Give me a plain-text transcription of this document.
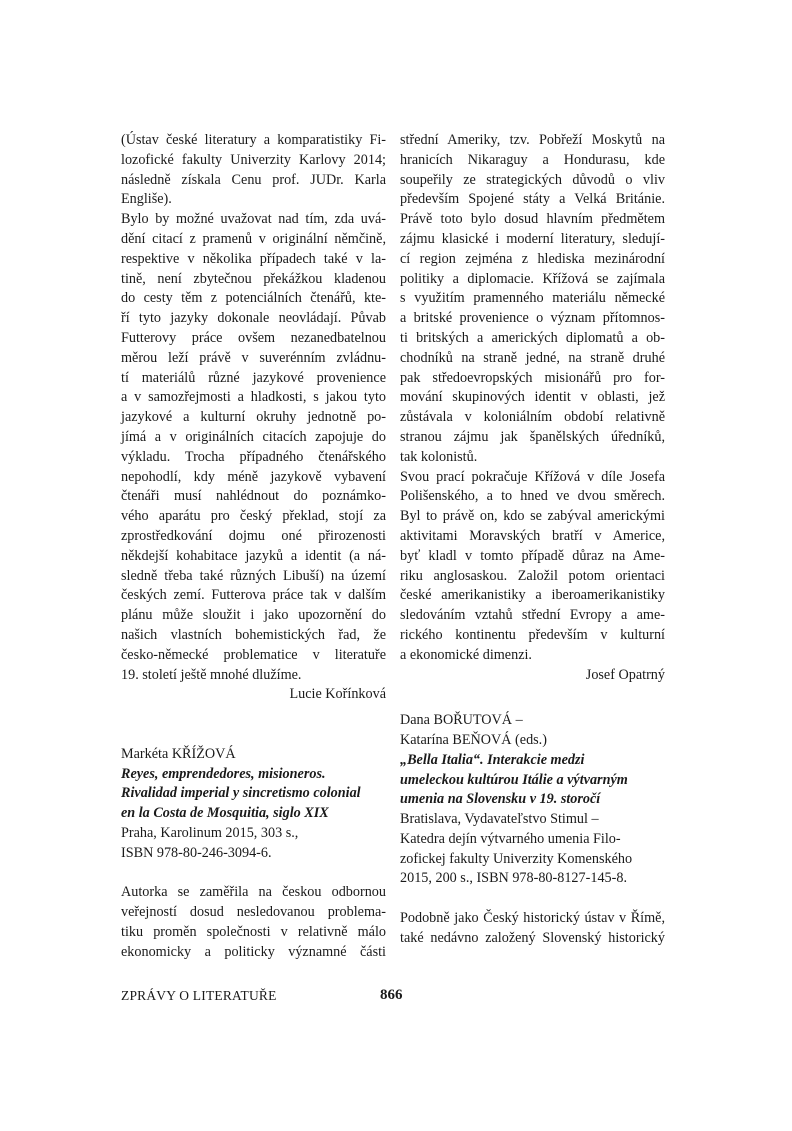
(Ústav české literatury a komparatistiky Fi-
lozofické fakulty Univerzity Karlovy 2014;
následně získala Cenu prof. JUDr. Karla
Engliše).
Bylo by možné uvažovat nad tím, zda uvá-
dění citací z pramenů v originální němčině,
respektive v několika případech také v la-
tině, není zbytečnou překážkou kladenou
do cesty těm z potenciálních čtenářů, kte-
ří tyto jazyky dokonale neovládají. Půvab
Futterovy práce ovšem nezanedbatelnou
měrou leží právě v suverénním zvládnu-
tí materiálů různé jazykové provenience
a v samozřejmosti a hladkosti, s jakou tyto
jazykové a kulturní okruhy jednotně po-
jímá a v originálních citacích zapojuje do
výkladu. Trocha případného čtenářského
nepohodlí, kdy méně jazykově vybavení
čtenáři musí nahlédnout do poznámko-
vého aparátu pro český překlad, stojí za
zprostředkování dojmu oné přirozenosti
někdejší kohabitace jazyků a identit (a ná-
sledně třeba také různých Libuší) na území
českých zemí. Futterova práce tak v dalším
plánu může sloužit i jako upozornění do
našich vlastních bohemistických řad, že
česko-německé problematice v literatuře
19. století ještě mnohé dlužíme.
Lucie Kořínková
Markéta KŘÍŽOVÁ
Reyes, emprendedores, misioneros.
Rivalidad imperial y sincretismo colonial
en la Costa de Mosquitia, siglo XIX
Praha, Karolinum 2015, 303 s.,
ISBN 978-80-246-3094-6.
Autorka se zaměřila na českou odbornou
veřejností dosud nesledovanou problema-
tiku proměn společnosti v relativně málo
ekonomicky a politicky významné části
střední Ameriky, tzv. Pobřeží Moskytů na
hranicích Nikaraguy a Hondurasu, kde
soupeřily ze strategických důvodů o vliv
především Spojené státy a Velká Británie.
Právě toto bylo dosud hlavním předmětem
zájmu klasické i moderní literatury, sledují-
cí region zejména z hlediska mezinárodní
politiky a diplomacie. Křížová se zajímala
s využitím pramenného materiálu německé
a britské provenience o význam přítomnos-
ti britských a amerických diplomatů a ob-
chodníků na straně jedné, na straně druhé
pak středoevropských misionářů pro for-
mování skupinových identit v oblasti, jež
zůstávala v koloniálním období relativně
stranou zájmu jak španělských úředníků,
tak kolonistů.
Svou prací pokračuje Křížová v díle Josefa
Polišenského, a to hned ve dvou směrech.
Byl to právě on, kdo se zabýval americkými
aktivitami Moravských bratří v Americe,
byť kladl v tomto případě důraz na Ame-
riku anglosaskou. Založil potom orientaci
české amerikanistiky a iberoamerikanistiky
sledováním vztahů střední Evropy a ame-
rického kontinentu především v kulturní
a ekonomické dimenzi.
Josef Opatrný
Dana BOŘUTOVÁ –
Katarína BEŇOVÁ (eds.)
„Bella Italia“. Interakcie medzi
umeleckou kultúrou Itálie a výtvarným
umenia na Slovensku v 19. storočí
Bratislava, Vydavateľstvo Stimul –
Katedra dejín výtvarného umenia Filo-
zofickej fakulty Univerzity Komenského
2015, 200 s., ISBN 978-80-8127-145-8.
Podobně jako Český historický ústav v Římě,
také nedávno založený Slovenský historický
ZPRÁVY O LITERATUŘE	866
